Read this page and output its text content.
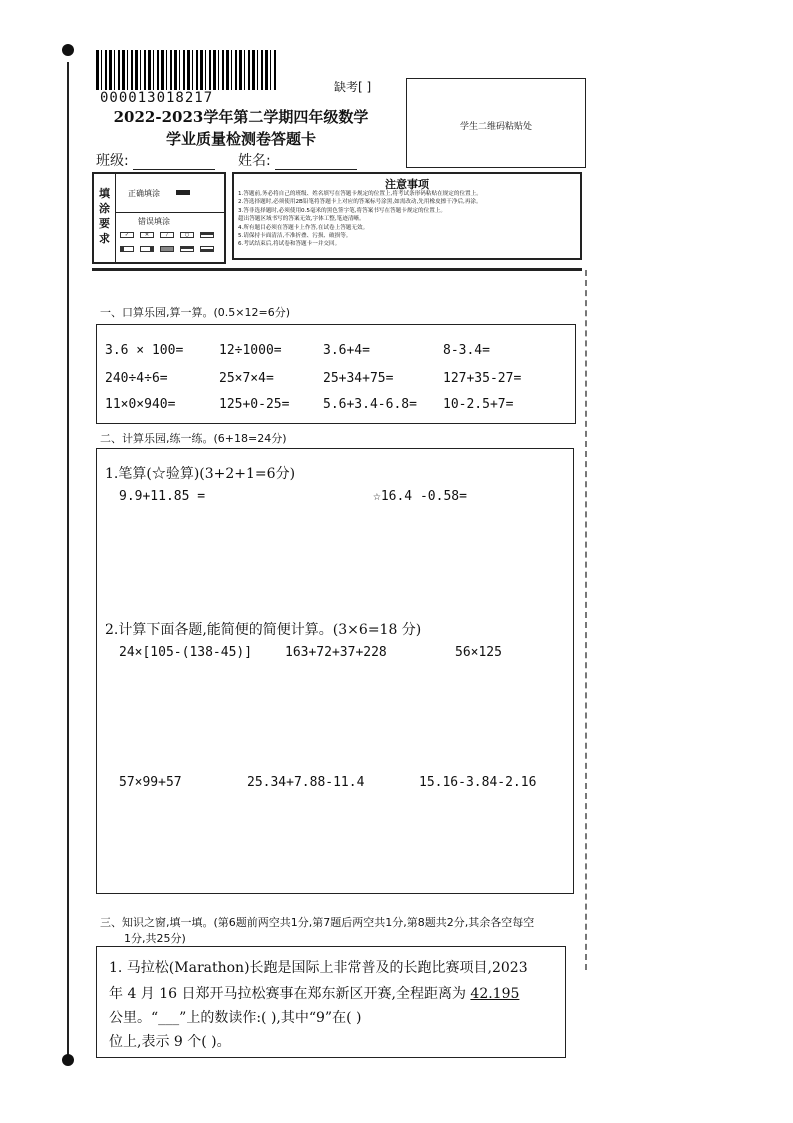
000013018217
缺考[ ]
2022-2023学年第二学期四年级数学
学业质量检测卷答题卡
学生二维码粘贴处
班级:	姓名:
填涂要求
正确填涂
错误填涂
✓	✕	/	○
注意事项
1.答题前,务必将自己的班级、姓名填写在答题卡规定的位置上,将考试条形码粘贴在规定的位置上。
2.答选择题时,必须使用2B铅笔将答题卡上对应的答案标号涂黑,如需改动,先用橡皮擦干净后,再涂。
3.答非选择题时,必须使用0.5毫米的黑色签字笔,将答案书写在答题卡规定的位置上。
超出答题区域书写的答案无效,字体工整,笔迹清晰。
4.所有题目必须在答题卡上作答,在试卷上答题无效。
5.请保持卡面清洁,不准折叠、污损、破损等。
6.考试结束后,将试卷和答题卡一并交回。
一、口算乐园,算一算。(0.5×12=6分)
3.6 × 100=	12÷1000=	3.6+4=	8-3.4=
240÷4÷6=	25×7×4=	25+34+75=	127+35-27=
11×0×940=	125+0-25=	5.6+3.4-6.8= 10-2.5+7=
二、计算乐园,练一练。(6+18=24分)
1.笔算(☆验算)(3+2+1=6分)
9.9+11.85 =	☆16.4 -0.58=
2.计算下面各题,能简便的简便计算。(3×6=18 分)
24×[105-(138-45)]	163+72+37+228	56×125
57×99+57	25.34+7.88-11.4	15.16-3.84-2.16
三、知识之窗,填一填。(第6题前两空共1分,第7题后两空共1分,第8题共2分,其余各空每空
1分,共25分)
1. 马拉松(Marathon)长跑是国际上非常普及的长跑比赛项目,2023
年 4 月 16 日郑开马拉松赛事在郑东新区开赛,全程距离为 42.195
公里。“___”上的数读作:( ),其中“9”在( )
位上,表示 9 个( )。
